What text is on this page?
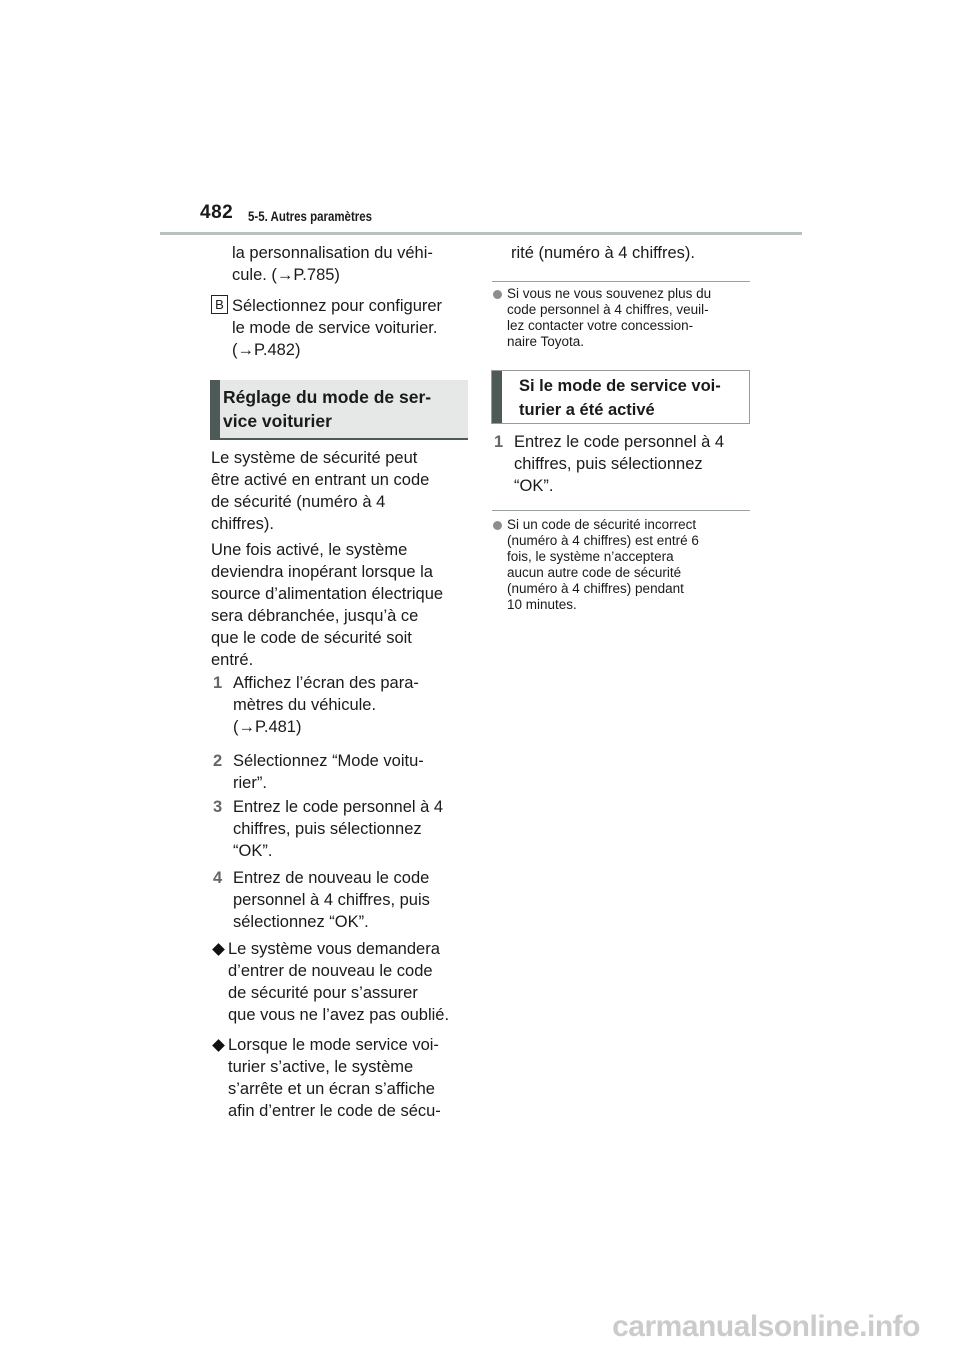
482 5-5. Autres paramètres
la personnalisation du véhi-
cule. (→P.785)
B Sélectionnez pour configurer
le mode de service voiturier.
(→P.482)
Réglage du mode de ser-
vice voiturier
Le système de sécurité peut
être activé en entrant un code
de sécurité (numéro à 4
chiffres).
Une fois activé, le système
deviendra inopérant lorsque la
source d’alimentation électrique
sera débranchée, jusqu’à ce
que le code de sécurité soit
entré.
1 Affichez l’écran des para-
mètres du véhicule.
(→P.481)
2 Sélectionnez “Mode voitu-
rier”.
3 Entrez le code personnel à 4
chiffres, puis sélectionnez
“OK”.
4 Entrez de nouveau le code
personnel à 4 chiffres, puis
sélectionnez “OK”.
Le système vous demandera
d’entrer de nouveau le code
de sécurité pour s’assurer
que vous ne l’avez pas oublié.
Lorsque le mode service voi-
turier s’active, le système
s’arrête et un écran s’affiche
afin d’entrer le code de sécu-
rité (numéro à 4 chiffres).
Si vous ne vous souvenez plus du
code personnel à 4 chiffres, veuil-
lez contacter votre concession-
naire Toyota.
Si le mode de service voi-
turier a été activé
1 Entrez le code personnel à 4
chiffres, puis sélectionnez
“OK”.
Si un code de sécurité incorrect
(numéro à 4 chiffres) est entré 6
fois, le système n’acceptera
aucun autre code de sécurité
(numéro à 4 chiffres) pendant
10 minutes.
carmanualsonline.info
